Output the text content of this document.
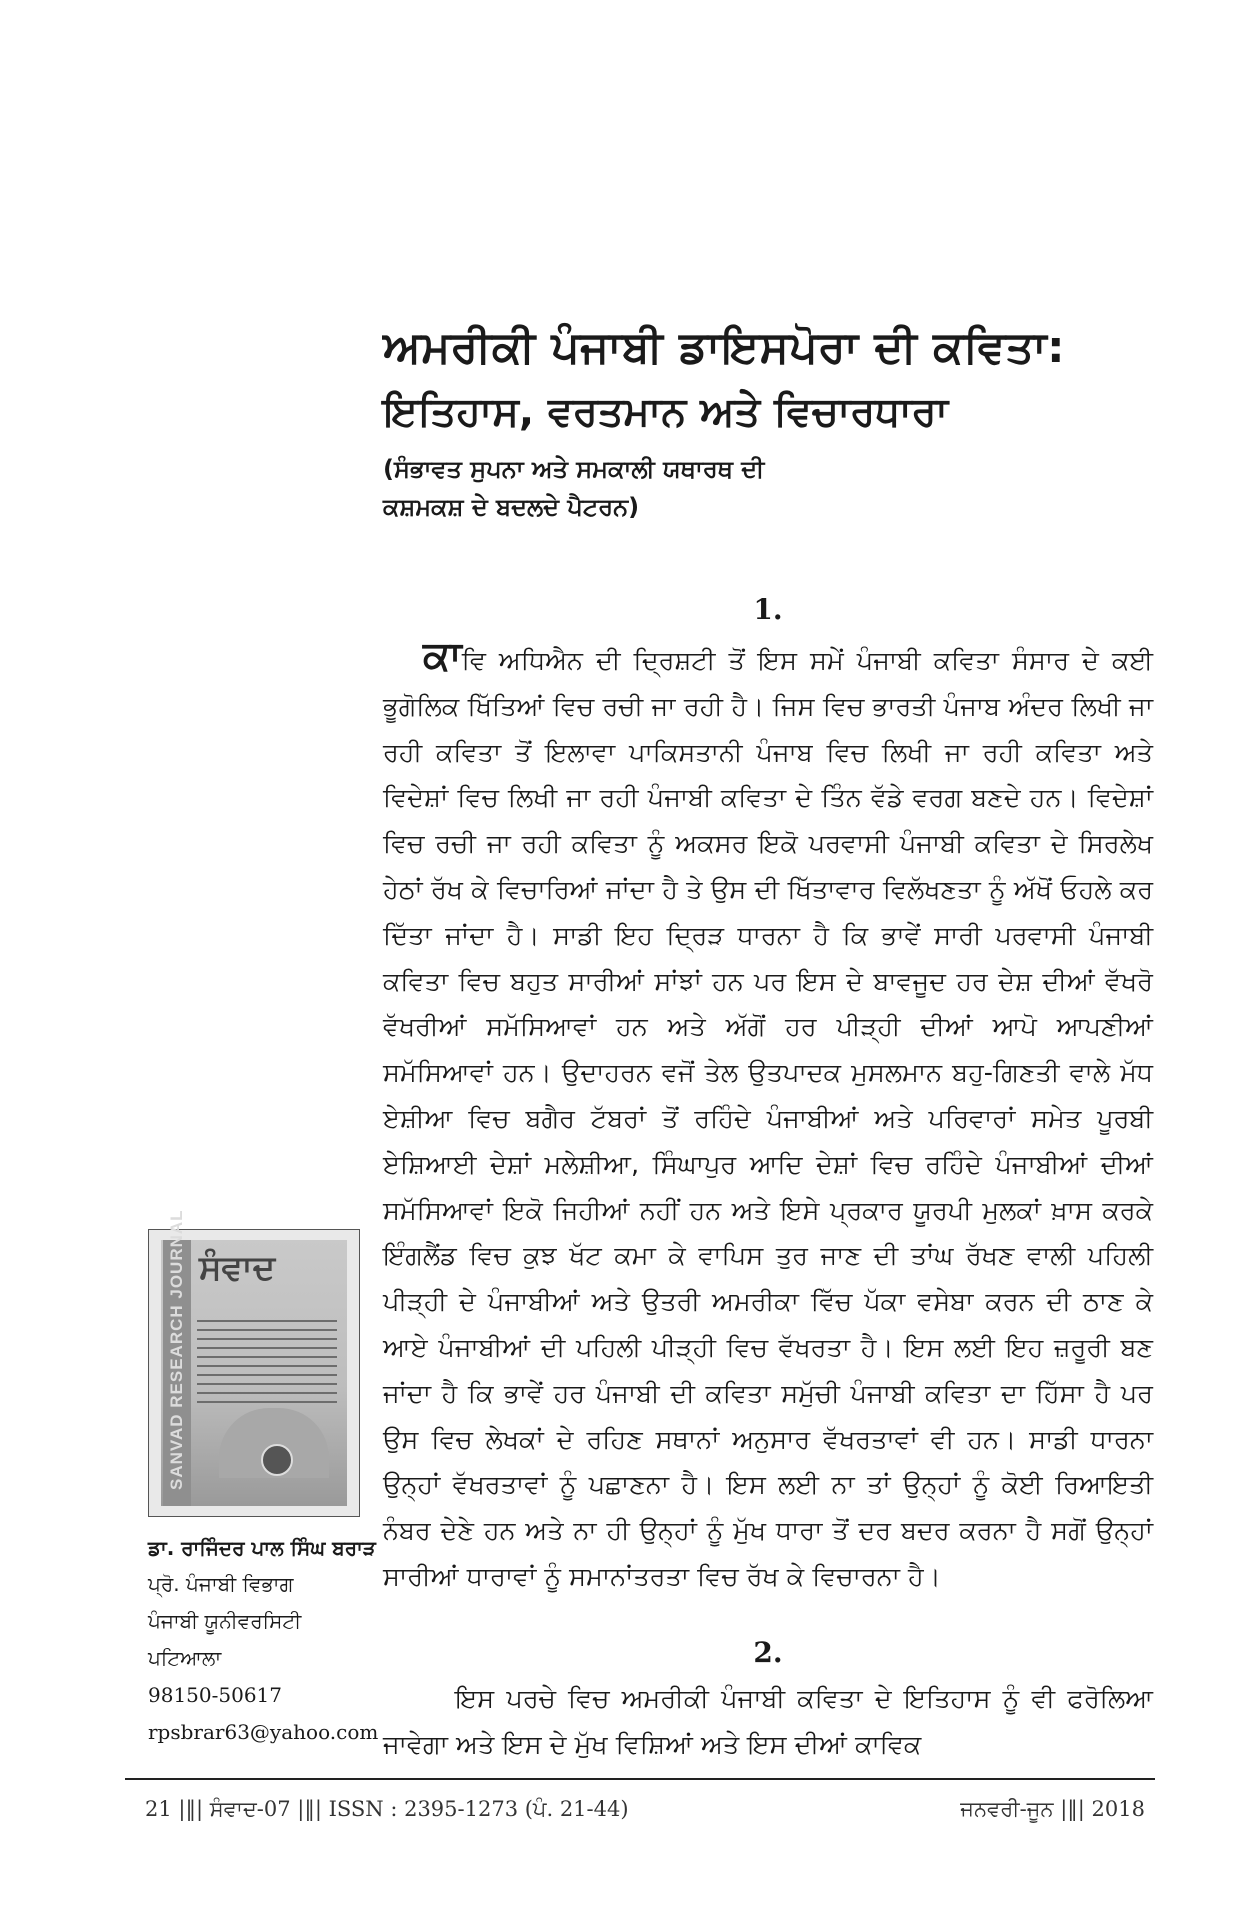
ਅਮਰੀਕੀ ਪੰਜਾਬੀ ਡਾਇਸਪੋਰਾ ਦੀ ਕਵਿਤਾ:
ਇਤਿਹਾਸ, ਵਰਤਮਾਨ ਅਤੇ ਵਿਚਾਰਧਾਰਾ
(ਸੰਭਾਵਤ ਸੁਪਨਾ ਅਤੇ ਸਮਕਾਲੀ ਯਥਾਰਥ ਦੀ
ਕਸ਼ਮਕਸ਼ ਦੇ ਬਦਲਦੇ ਪੈਟਰਨ)
1.

ਕਾਵਿ ਅਧਿਐਨ ਦੀ ਦ੍ਰਿਸ਼ਟੀ ਤੋਂ ਇਸ ਸਮੇਂ ਪੰਜਾਬੀ ਕਵਿਤਾ ਸੰਸਾਰ ਦੇ ਕਈ ਭੂਗੋਲਿਕ ਖਿੱਤਿਆਂ ਵਿਚ ਰਚੀ ਜਾ ਰਹੀ ਹੈ। ਜਿਸ ਵਿਚ ਭਾਰਤੀ ਪੰਜਾਬ ਅੰਦਰ ਲਿਖੀ ਜਾ ਰਹੀ ਕਵਿਤਾ ਤੋਂ ਇਲਾਵਾ ਪਾਕਿਸਤਾਨੀ ਪੰਜਾਬ ਵਿਚ ਲਿਖੀ ਜਾ ਰਹੀ ਕਵਿਤਾ ਅਤੇ ਵਿਦੇਸ਼ਾਂ ਵਿਚ ਲਿਖੀ ਜਾ ਰਹੀ ਪੰਜਾਬੀ ਕਵਿਤਾ ਦੇ ਤਿੰਨ ਵੱਡੇ ਵਰਗ ਬਣਦੇ ਹਨ। ਵਿਦੇਸ਼ਾਂ ਵਿਚ ਰਚੀ ਜਾ ਰਹੀ ਕਵਿਤਾ ਨੂੰ ਅਕਸਰ ਇਕੋ ਪਰਵਾਸੀ ਪੰਜਾਬੀ ਕਵਿਤਾ ਦੇ ਸਿਰਲੇਖ ਹੇਠਾਂ ਰੱਖ ਕੇ ਵਿਚਾਰਿਆਂ ਜਾਂਦਾ ਹੈ ਤੇ ਉਸ ਦੀ ਖਿੱਤਾਵਾਰ ਵਿਲੱਖਣਤਾ ਨੂੰ ਅੱਖੋਂ ਓਹਲੇ ਕਰ ਦਿੱਤਾ ਜਾਂਦਾ ਹੈ। ਸਾਡੀ ਇਹ ਦ੍ਰਿੜ ਧਾਰਨਾ ਹੈ ਕਿ ਭਾਵੇਂ ਸਾਰੀ ਪਰਵਾਸੀ ਪੰਜਾਬੀ ਕਵਿਤਾ ਵਿਚ ਬਹੁਤ ਸਾਰੀਆਂ ਸਾਂਝਾਂ ਹਨ ਪਰ ਇਸ ਦੇ ਬਾਵਜੂਦ ਹਰ ਦੇਸ਼ ਦੀਆਂ ਵੱਖਰੋ ਵੱਖਰੀਆਂ ਸਮੱਸਿਆਵਾਂ ਹਨ ਅਤੇ ਅੱਗੋਂ ਹਰ ਪੀੜ੍ਹੀ ਦੀਆਂ ਆਪੋ ਆਪਣੀਆਂ ਸਮੱਸਿਆਵਾਂ ਹਨ। ਉਦਾਹਰਨ ਵਜੋਂ ਤੇਲ ਉਤਪਾਦਕ ਮੁਸਲਮਾਨ ਬਹੁ-ਗਿਣਤੀ ਵਾਲੇ ਮੱਧ ਏਸ਼ੀਆ ਵਿਚ ਬਗੈਰ ਟੱਬਰਾਂ ਤੋਂ ਰਹਿੰਦੇ ਪੰਜਾਬੀਆਂ ਅਤੇ ਪਰਿਵਾਰਾਂ ਸਮੇਤ ਪੂਰਬੀ ਏਸ਼ਿਆਈ ਦੇਸ਼ਾਂ ਮਲੇਸ਼ੀਆ, ਸਿੰਘਾਪੁਰ ਆਦਿ ਦੇਸ਼ਾਂ ਵਿਚ ਰਹਿੰਦੇ ਪੰਜਾਬੀਆਂ ਦੀਆਂ ਸਮੱਸਿਆਵਾਂ ਇਕੋ ਜਿਹੀਆਂ ਨਹੀਂ ਹਨ ਅਤੇ ਇਸੇ ਪ੍ਰਕਾਰ ਯੂਰਪੀ ਮੁਲਕਾਂ ਖ਼ਾਸ ਕਰਕੇ ਇੰਗਲੈਂਡ ਵਿਚ ਕੁਝ ਖੱਟ ਕਮਾ ਕੇ ਵਾਪਿਸ ਤੁਰ ਜਾਣ ਦੀ ਤਾਂਘ ਰੱਖਣ ਵਾਲੀ ਪਹਿਲੀ ਪੀੜ੍ਹੀ ਦੇ ਪੰਜਾਬੀਆਂ ਅਤੇ ਉਤਰੀ ਅਮਰੀਕਾ ਵਿੱਚ ਪੱਕਾ ਵਸੇਬਾ ਕਰਨ ਦੀ ਠਾਣ ਕੇ ਆਏ ਪੰਜਾਬੀਆਂ ਦੀ ਪਹਿਲੀ ਪੀੜ੍ਹੀ ਵਿਚ ਵੱਖਰਤਾ ਹੈ। ਇਸ ਲਈ ਇਹ ਜ਼ਰੂਰੀ ਬਣ ਜਾਂਦਾ ਹੈ ਕਿ ਭਾਵੇਂ ਹਰ ਪੰਜਾਬੀ ਦੀ ਕਵਿਤਾ ਸਮੁੱਚੀ ਪੰਜਾਬੀ ਕਵਿਤਾ ਦਾ ਹਿੱਸਾ ਹੈ ਪਰ ਉਸ ਵਿਚ ਲੇਖਕਾਂ ਦੇ ਰਹਿਣ ਸਥਾਨਾਂ ਅਨੁਸਾਰ ਵੱਖਰਤਾਵਾਂ ਵੀ ਹਨ। ਸਾਡੀ ਧਾਰਨਾ ਉਨ੍ਹਾਂ ਵੱਖਰਤਾਵਾਂ ਨੂੰ ਪਛਾਣਨਾ ਹੈ। ਇਸ ਲਈ ਨਾ ਤਾਂ ਉਨ੍ਹਾਂ ਨੂੰ ਕੋਈ ਰਿਆਇਤੀ ਨੰਬਰ ਦੇਣੇ ਹਨ ਅਤੇ ਨਾ ਹੀ ਉਨ੍ਹਾਂ ਨੂੰ ਮੁੱਖ ਧਾਰਾ ਤੋਂ ਦਰ ਬਦਰ ਕਰਨਾ ਹੈ ਸਗੋਂ ਉਨ੍ਹਾਂ ਸਾਰੀਆਂ ਧਾਰਾਵਾਂ ਨੂੰ ਸਮਾਨਾਂਤਰਤਾ ਵਿਚ ਰੱਖ ਕੇ ਵਿਚਾਰਨਾ ਹੈ।

2.

ਇਸ ਪਰਚੇ ਵਿਚ ਅਮਰੀਕੀ ਪੰਜਾਬੀ ਕਵਿਤਾ ਦੇ ਇਤਿਹਾਸ ਨੂੰ ਵੀ ਫਰੋਲਿਆ ਜਾਵੇਗਾ ਅਤੇ ਇਸ ਦੇ ਮੁੱਖ ਵਿਸ਼ਿਆਂ ਅਤੇ ਇਸ ਦੀਆਂ ਕਾਵਿਕ

SANVAD RESEARCH JOURNAL ਸੰਵਾਦ
ਡਾ. ਰਾਜਿੰਦਰ ਪਾਲ ਸਿੰਘ ਬਰਾੜ
ਪ੍ਰੋ. ਪੰਜਾਬੀ ਵਿਭਾਗ
ਪੰਜਾਬੀ ਯੂਨੀਵਰਸਿਟੀ
ਪਟਿਆਲਾ
98150-50617
rpsbrar63@yahoo.com
21 |‖| ਸੰਵਾਦ-07 |‖| ISSN : 2395-1273 (ਪੰ. 21-44)	ਜਨਵਰੀ-ਜੂਨ |‖| 2018
